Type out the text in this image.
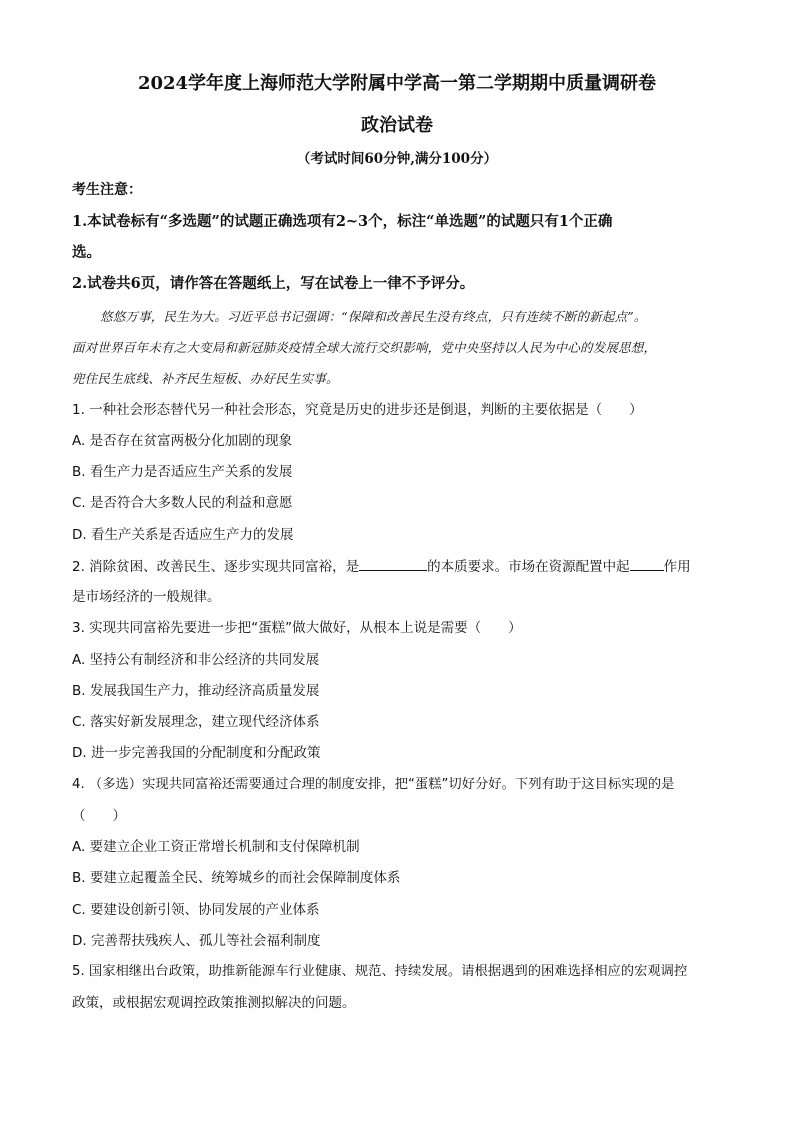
2024学年度上海师范大学附属中学高一第二学期期中质量调研卷
政治试卷
（考试时间60分钟,满分100分）
考生注意：
1.本试卷标有“多选题”的试题正确选项有2~3个，标注“单选题”的试题只有1个正确
选。
2.试卷共6页，请作答在答题纸上，写在试卷上一律不予评分。
悠悠万事，民生为大。习近平总书记强调：“保障和改善民生没有终点，只有连续不断的新起点”。
面对世界百年未有之大变局和新冠肺炎疫情全球大流行交织影响，党中央坚持以人民为中心的发展思想，
兜住民生底线、补齐民生短板、办好民生实事。
1. 一种社会形态替代另一种社会形态，究竟是历史的进步还是倒退，判断的主要依据是（　　）
A. 是否存在贫富两极分化加剧的现象
B. 看生产力是否适应生产关系的发展
C. 是否符合大多数人民的利益和意愿
D. 看生产关系是否适应生产力的发展
2. 消除贫困、改善民生、逐步实现共同富裕，是	的本质要求。市场在资源配置中起	作用
是市场经济的一般规律。
3. 实现共同富裕先要进一步把“蛋糕”做大做好，从根本上说是需要（　　）
A. 坚持公有制经济和非公经济的共同发展
B. 发展我国生产力，推动经济高质量发展
C. 落实好新发展理念，建立现代经济体系
D. 进一步完善我国的分配制度和分配政策
4. （多选）实现共同富裕还需要通过合理的制度安排，把“蛋糕”切好分好。下列有助于这目标实现的是
（　　）
A. 要建立企业工资正常增长机制和支付保障机制
B. 要建立起覆盖全民、统筹城乡的而社会保障制度体系
C. 要建设创新引领、协同发展的产业体系
D. 完善帮扶残疾人、孤儿等社会福利制度
5. 国家相继出台政策，助推新能源车行业健康、规范、持续发展。请根据遇到的困难选择相应的宏观调控
政策，或根据宏观调控政策推测拟解决的问题。
